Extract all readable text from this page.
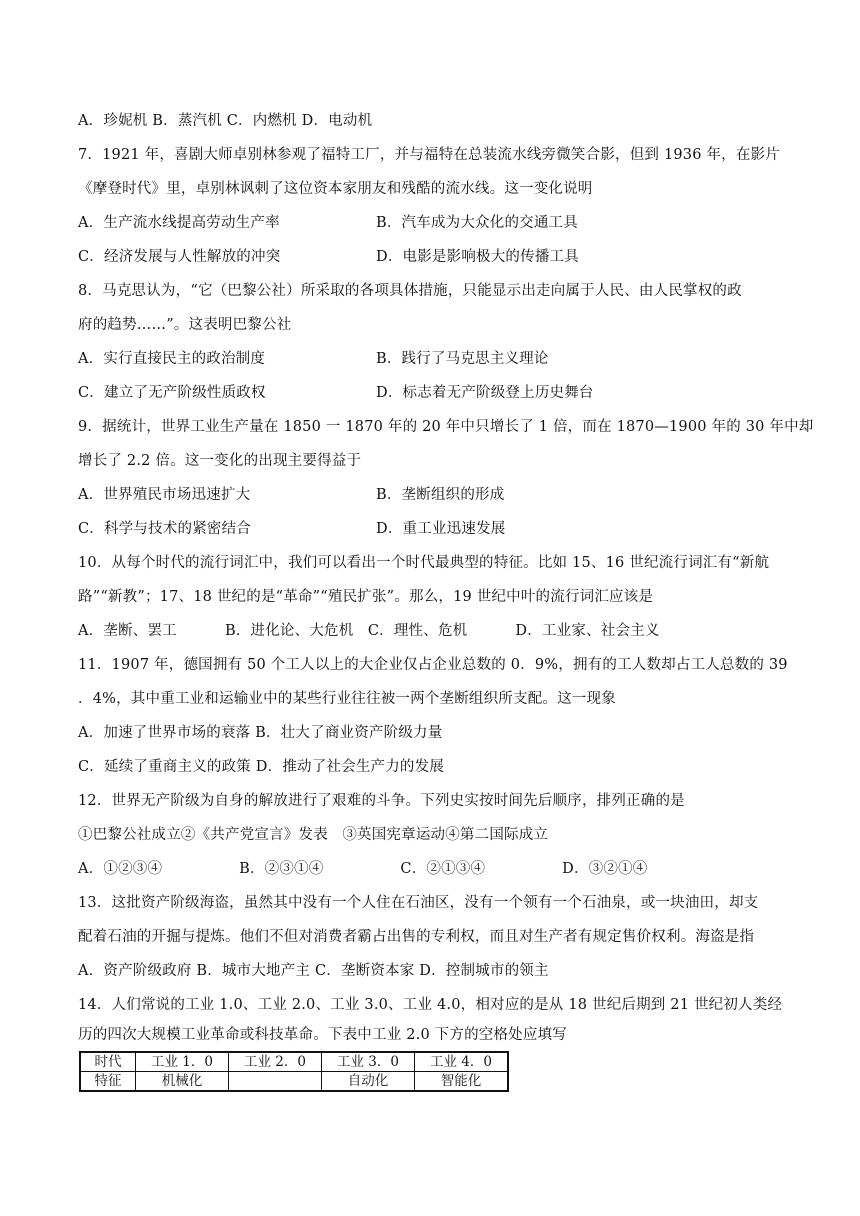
A．珍妮机 B．蒸汽机 C．内燃机 D．电动机
7．1921 年，喜剧大师卓别林参观了福特工厂，并与福特在总装流水线旁微笑合影，但到 1936 年，在影片
《摩登时代》里，卓别林讽刺了这位资本家朋友和残酷的流水线。这一变化说明
A．生产流水线提高劳动生产率	B．汽车成为大众化的交通工具
C．经济发展与人性解放的冲突	D．电影是影响极大的传播工具
8．马克思认为，“它（巴黎公社）所采取的各项具体措施，只能显示出走向属于人民、由人民掌权的政
府的趋势……”。这表明巴黎公社
A．实行直接民主的政治制度	B．践行了马克思主义理论
C．建立了无产阶级性质政权	D．标志着无产阶级登上历史舞台
9．据统计，世界工业生产量在 1850 一 1870 年的 20 年中只增长了 1 倍，而在 1870—1900 年的 30 年中却
增长了 2.2 倍。这一变化的出现主要得益于
A．世界殖民市场迅速扩大	B．垄断组织的形成
C．科学与技术的紧密结合	D．重工业迅速发展
10．从每个时代的流行词汇中，我们可以看出一个时代最典型的特征。比如 15、16 世纪流行词汇有“新航
路”“新教”；17、18 世纪的是“革命”“殖民扩张”。那么，19 世纪中叶的流行词汇应该是
A．垄断、罢工          B．进化论、大危机   C．理性、危机          D．工业家、社会主义
11．1907 年，德国拥有 50 个工人以上的大企业仅占企业总数的 0．9%，拥有的工人数却占工人总数的 39
．4%，其中重工业和运输业中的某些行业往往被一两个垄断组织所支配。这一现象
A．加速了世界市场的衰落 B．壮大了商业资产阶级力量
C．延续了重商主义的政策 D．推动了社会生产力的发展
12．世界无产阶级为自身的解放进行了艰难的斗争。下列史实按时间先后顺序，排列正确的是
①巴黎公社成立②《共产党宣言》发表   ③英国宪章运动④第二国际成立
A．①②③④                B．②③①④                C．②①③④                D．③②①④
13．这批资产阶级海盗，虽然其中没有一个人住在石油区，没有一个领有一个石油泉，或一块油田，却支
配着石油的开掘与提炼。他们不但对消费者霸占出售的专利权，而且对生产者有规定售价权利。海盗是指
A．资产阶级政府 B．城市大地产主 C．垄断资本家 D．控制城市的领主
14．人们常说的工业 1.0、工业 2.0、工业 3.0、工业 4.0，相对应的是从 18 世纪后期到 21 世纪初人类经
历的四次大规模工业革命或科技革命。下表中工业 2.0 下方的空格处应填写
时代	工业 1．0	工业 2．0	工业 3．0	工业 4．0
特征	机械化		自动化	智能化
